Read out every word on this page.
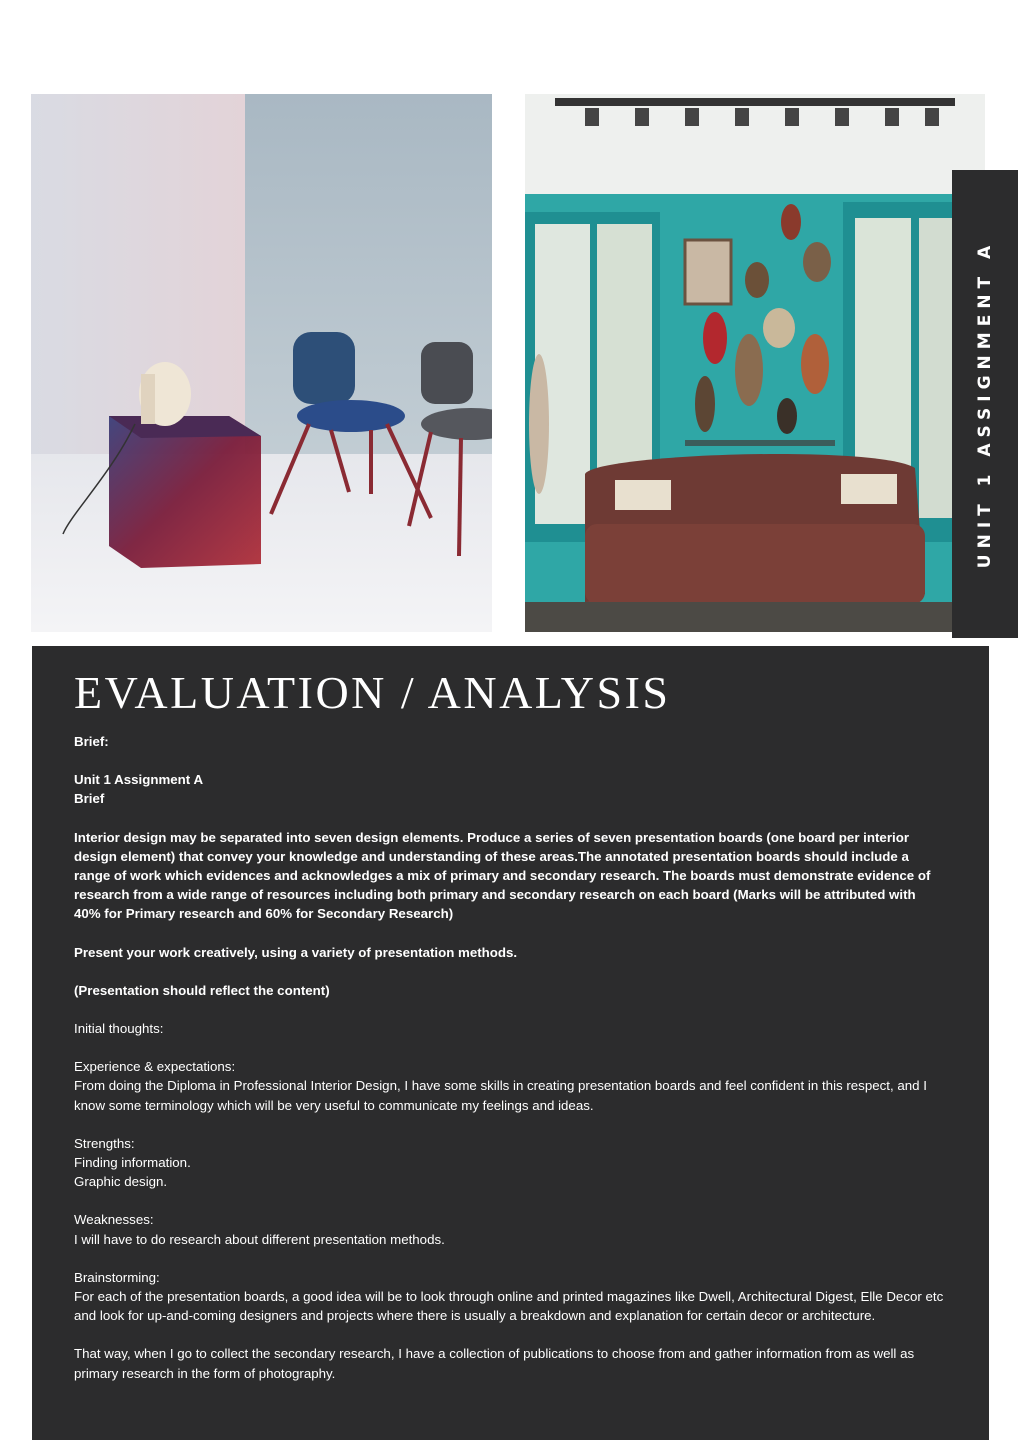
UNIT 1 ASSIGNMENT A
EVALUATION / ANALYSIS

Brief:

Unit 1 Assignment A

Brief

Interior design may be separated into seven design elements. Produce a series of seven presentation boards (one board per interior design element) that convey your knowledge and understanding of these areas.The annotated presentation boards should include a range of work which evidences and acknowledges a mix of primary and secondary research. The boards must demonstrate evidence of research from a wide range of resources including both primary and secondary research on each board (Marks will be attributed with 40% for Primary research and 60% for Secondary Research)

Present your work creatively, using a variety of presentation methods.

(Presentation should reflect the content)

Initial thoughts:

Experience & expectations:

From doing the Diploma in Professional Interior Design, I have some skills in creating presentation boards and feel confident in this respect, and I know some terminology which will be very useful to communicate my feelings and ideas.

Strengths:

Finding information.

Graphic design.

Weaknesses:

I will have to do research about different presentation methods.

Brainstorming:

For each of the presentation boards, a good idea will be to look through online and printed magazines like Dwell, Architectural Digest, Elle Decor etc and look for up-and-coming designers and projects where there is usually a breakdown and explanation for certain decor or architecture.

That way, when I go to collect the secondary research, I have a collection of publications to choose from and gather information from as well as primary research in the form of photography.
